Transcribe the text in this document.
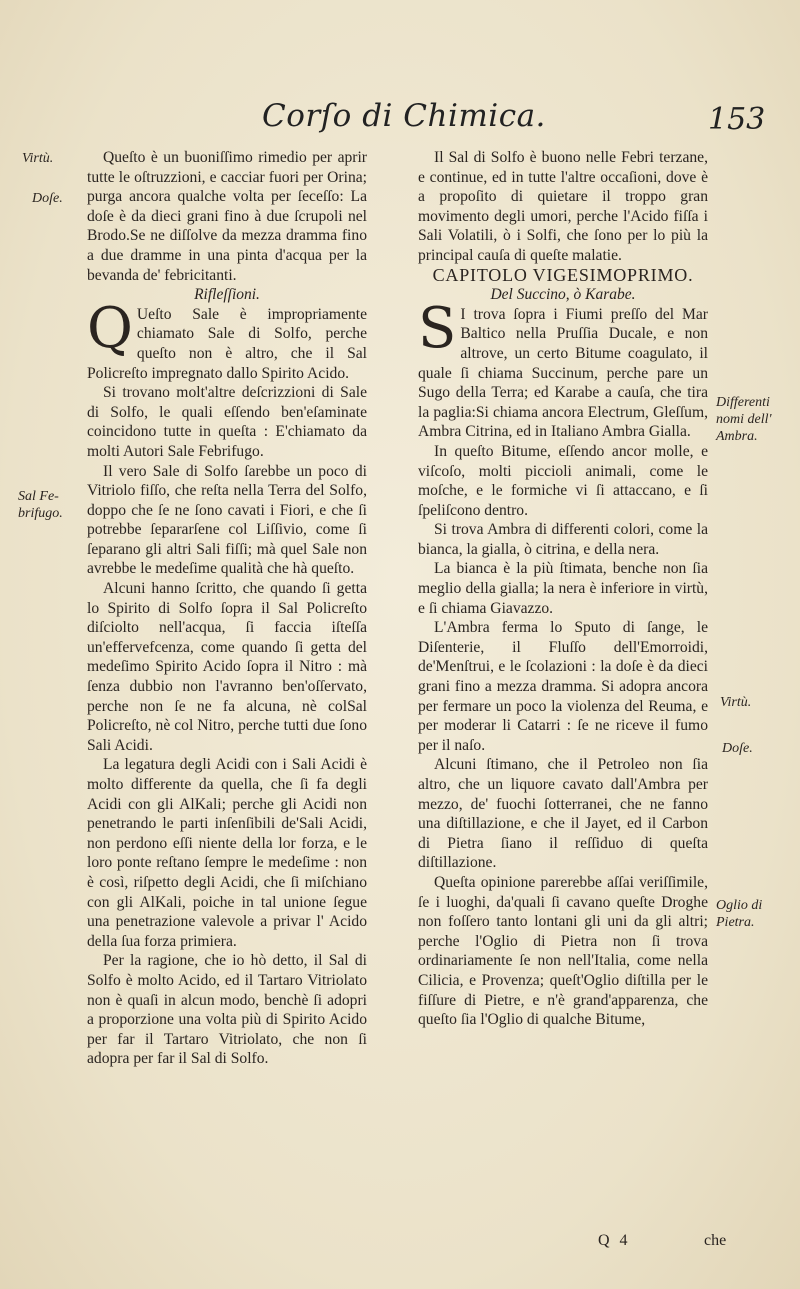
Corſo di Chimica.	153
Virtù.
Doſe.
Sal Fe-
brifugo.
Differenti
nomi dell'
Ambra.
Virtù.
Doſe.
Oglio di
Pietra.

Queſto è un buoniſſimo rimedio per aprir tutte le oſtruzzioni, e cacciar fuori per Orina; purga ancora qualche volta per ſeceſſo: La doſe è da dieci grani fino à due ſcrupoli nel Brodo.Se ne diſſolve da mezza dramma fino a due dramme in una pinta d'acqua per la bevanda de' febricitanti.

Rifleſſioni.

Q Ueſto Sale è impropriamente chiamato Sale di Solfo, perche queſto non è altro, che il Sal Policreſto impregnato dallo Spirito Acido.

Si trovano molt'altre deſcrizzioni di Sale di Solfo, le quali eſſendo ben'eſaminate coincidono tutte in queſta : E'chiamato da molti Autori Sale Febrifugo.

Il vero Sale di Solfo ſarebbe un poco di Vitriolo fiſſo, che reſta nella Terra del Solfo, doppo che ſe ne ſono cavati i Fiori, e che ſi potrebbe ſepararſene col Liſſivio, come ſi ſeparano gli altri Sali fiſſi; mà quel Sale non avrebbe le medeſime qualità che hà queſto.

Alcuni hanno ſcritto, che quando ſi getta lo Spirito di Solfo ſopra il Sal Policreſto diſciolto nell'acqua, ſi faccia iſteſſa un'effervefcenza, come quando ſi getta del medeſimo Spirito Acido ſopra il Nitro : mà ſenza dubbio non l'avranno ben'oſſervato, perche non ſe ne fa alcuna, nè colSal Policreſto, nè col Nitro, perche tutti due ſono Sali Acidi.

La legatura degli Acidi con i Sali Acidi è molto differente da quella, che ſi fa degli Acidi con gli AlKali; perche gli Acidi non penetrando le parti inſenſibili de'Sali Acidi, non perdono eſſi niente della lor forza, e le loro ponte reſtano ſempre le medeſime : non è così, riſpetto degli Acidi, che ſi miſchiano con gli AlKali, poiche in tal unione ſegue una penetrazione valevole a privar l' Acido della ſua forza primiera.

Per la ragione, che io hò detto, il Sal di Solfo è molto Acido, ed il Tartaro Vitriolato non è quaſi in alcun modo, benchè ſi adopri a proporzione una volta più di Spirito Acido per far il Tartaro Vitriolato, che non ſi adopra per far il Sal di Solfo.

Il Sal di Solfo è buono nelle Febri terzane, e continue, ed in tutte l'altre occaſioni, dove è a propoſito di quietare il troppo gran movimento degli umori, perche l'Acido fiſſa i Sali Volatili, ò i Solfi, che ſono per lo più la principal cauſa di queſte malatie.

CAPITOLO VIGESIMOPRIMO.

Del Succino, ò Karabe.

S I trova ſopra i Fiumi preſſo del Mar Baltico nella Pruſſia Ducale, e non altrove, un certo Bitume coagulato, il quale ſi chiama Succinum, perche pare un Sugo della Terra; ed Karabe a cauſa, che tira la paglia:Si chiama ancora Electrum, Gleſſum, Ambra Citrina, ed in Italiano Ambra Gialla.

In queſto Bitume, eſſendo ancor molle, e viſcoſo, molti piccioli animali, come le moſche, e le formiche vi ſi attaccano, e ſi ſpeliſcono dentro.

Si trova Ambra di differenti colori, come la bianca, la gialla, ò citrina, e della nera.

La bianca è la più ſtimata, benche non ſia meglio della gialla; la nera è inferiore in virtù, e ſi chiama Giavazzo.

L'Ambra ferma lo Sputo di ſange, le Diſenterie, il Fluſſo dell'Emorroidi, de'Menſtrui, e le ſcolazioni : la doſe è da dieci grani fino a mezza dramma. Si adopra ancora per fermare un poco la violenza del Reuma, e per moderar li Catarri : ſe ne riceve il fumo per il naſo.

Alcuni ſtimano, che il Petroleo non ſia altro, che un liquore cavato dall'Ambra per mezzo, de' fuochi ſotterranei, che ne fanno una diſtillazione, e che il Jayet, ed il Carbon di Pietra ſiano il reſſiduo di queſta diſtillazione.

Queſta opinione parerebbe aſſai veriſſimile, ſe i luoghi, da'quali ſi cavano queſte Droghe non foſſero tanto lontani gli uni da gli altri; perche l'Oglio di Pietra non ſi trova ordinariamente ſe non nell'Italia, come nella Cilicia, e Provenza; queſt'Oglio diſtilla per le fiſſure di Pietre, e n'è grand'apparenza, che queſto ſia l'Oglio di qualche Bitume,

Q 4	che
